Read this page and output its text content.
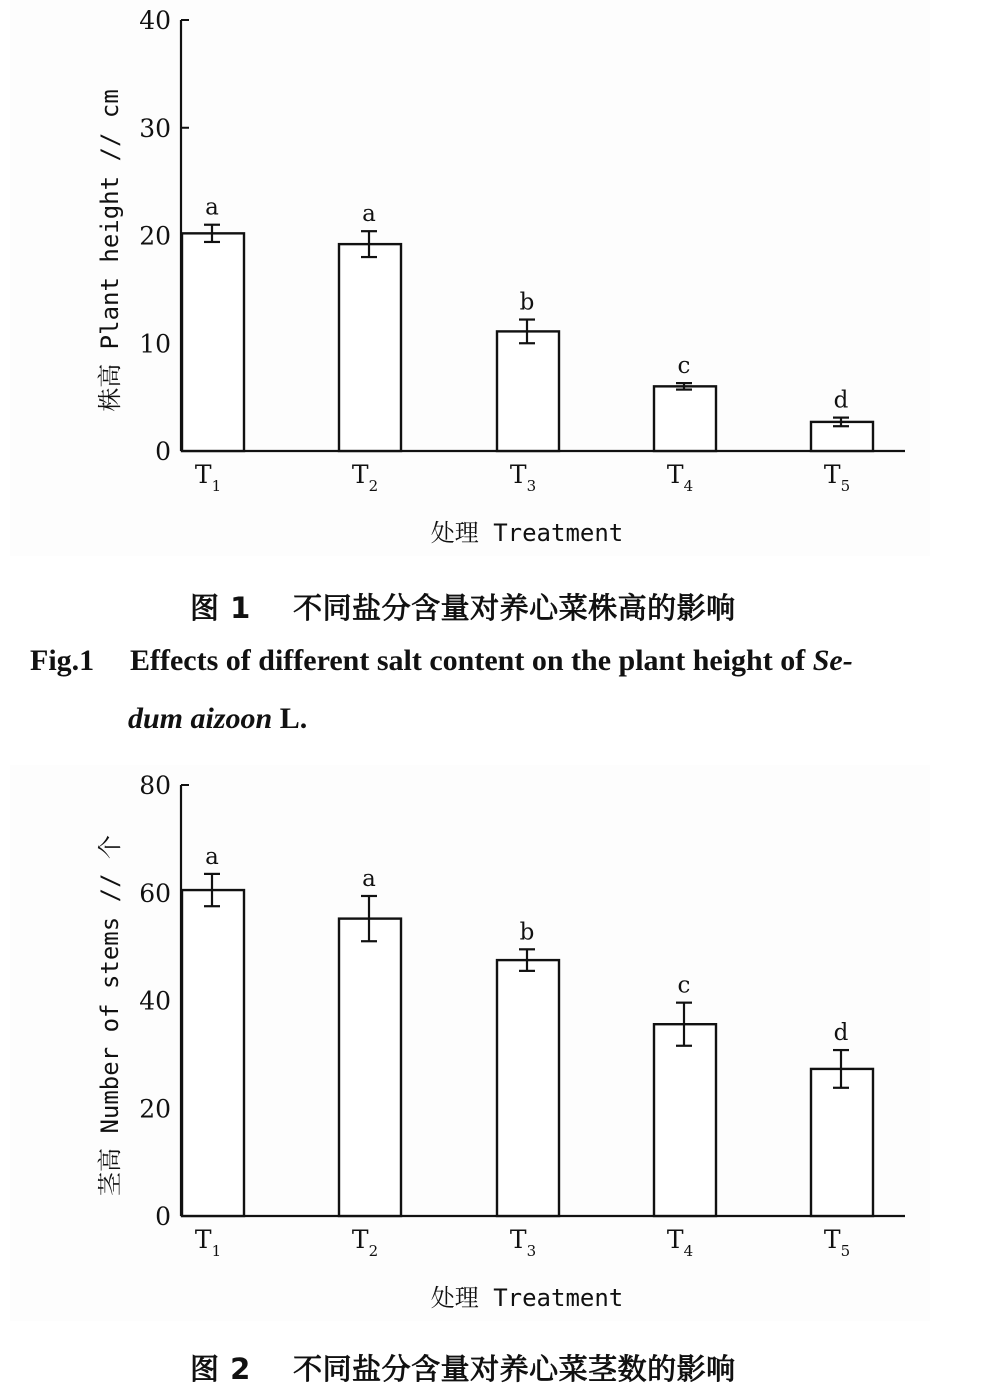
0
10
20
30
40
a
$T_1$
a
$T_2$
b
$T_3$
c
$T_4$
d
$T_5$
处理 Treatment
株高 Plant height // cm
图 1 不同盐分含量对养心菜株高的影响
Fig.1 Effects of different salt content on the plant height of Se-
dum aizoon L.
0
20
40
60
80
a
$T_1$
a
$T_2$
b
$T_3$
c
$T_4$
d
$T_5$
处理 Treatment
茎高 Number of stems // 个
图 2 不同盐分含量对养心菜茎数的影响
